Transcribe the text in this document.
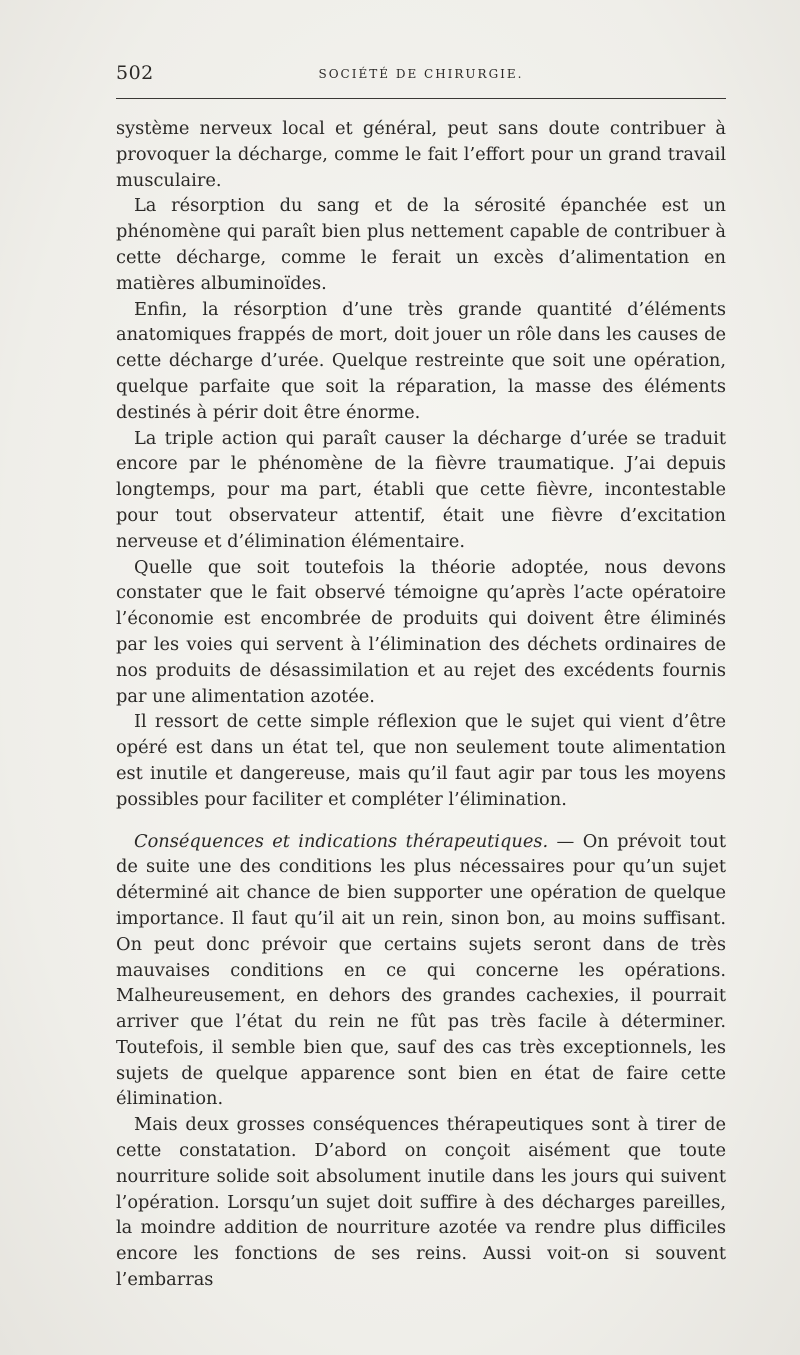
502	SOCIÉTÉ DE CHIRURGIE.

système nerveux local et général, peut sans doute contribuer à provoquer la décharge, comme le fait l’effort pour un grand travail musculaire.

La résorption du sang et de la sérosité épanchée est un phénomène qui paraît bien plus nettement capable de contribuer à cette décharge, comme le ferait un excès d’alimentation en matières albuminoïdes.

Enfin, la résorption d’une très grande quantité d’éléments anatomiques frappés de mort, doit jouer un rôle dans les causes de cette décharge d’urée. Quelque restreinte que soit une opération, quelque parfaite que soit la réparation, la masse des éléments destinés à périr doit être énorme.

La triple action qui paraît causer la décharge d’urée se traduit encore par le phénomène de la fièvre traumatique. J’ai depuis longtemps, pour ma part, établi que cette fièvre, incontestable pour tout observateur attentif, était une fièvre d’excitation nerveuse et d’élimination élémentaire.

Quelle que soit toutefois la théorie adoptée, nous devons constater que le fait observé témoigne qu’après l’acte opératoire l’économie est encombrée de produits qui doivent être éliminés par les voies qui servent à l’élimination des déchets ordinaires de nos produits de désassimilation et au rejet des excédents fournis par une alimentation azotée.

Il ressort de cette simple réflexion que le sujet qui vient d’être opéré est dans un état tel, que non seulement toute alimentation est inutile et dangereuse, mais qu’il faut agir par tous les moyens possibles pour faciliter et compléter l’élimination.

Conséquences et indications thérapeutiques. — On prévoit tout de suite une des conditions les plus nécessaires pour qu’un sujet déterminé ait chance de bien supporter une opération de quelque importance. Il faut qu’il ait un rein, sinon bon, au moins suffisant. On peut donc prévoir que certains sujets seront dans de très mauvaises conditions en ce qui concerne les opérations. Malheureusement, en dehors des grandes cachexies, il pourrait arriver que l’état du rein ne fût pas très facile à déterminer. Toutefois, il semble bien que, sauf des cas très exceptionnels, les sujets de quelque apparence sont bien en état de faire cette élimination.

Mais deux grosses conséquences thérapeutiques sont à tirer de cette constatation. D’abord on conçoit aisément que toute nourriture solide soit absolument inutile dans les jours qui suivent l’opération. Lorsqu’un sujet doit suffire à des décharges pareilles, la moindre addition de nourriture azotée va rendre plus difficiles encore les fonctions de ses reins. Aussi voit-on si souvent l’embarras
